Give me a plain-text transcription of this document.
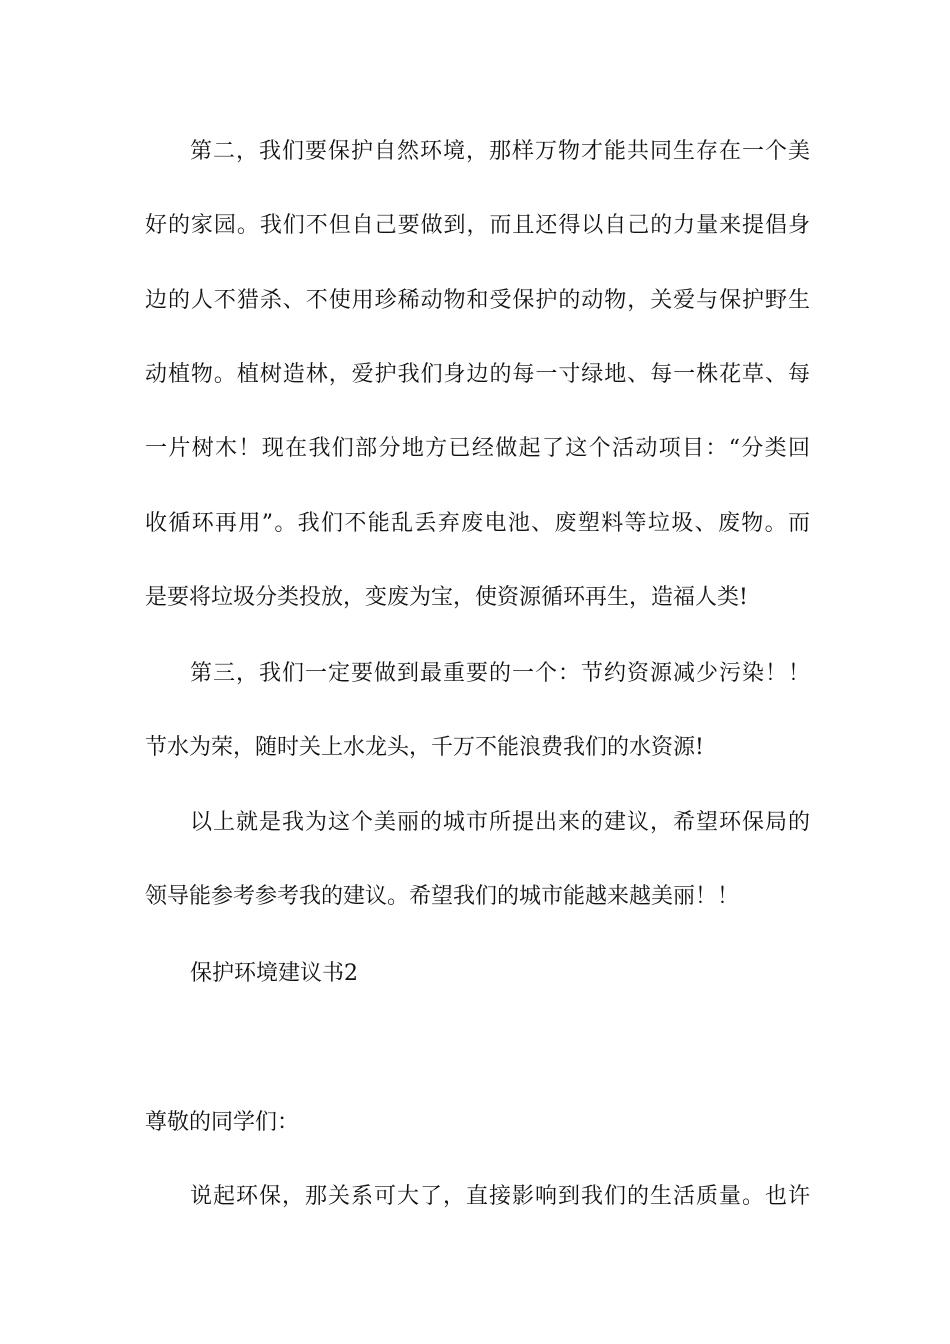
第二，我们要保护自然环境，那样万物才能共同生存在一个美
好的家园。我们不但自己要做到，而且还得以自己的力量来提倡身
边的人不猎杀、不使用珍稀动物和受保护的动物，关爱与保护野生
动植物。植树造林，爱护我们身边的每一寸绿地、每一株花草、每
一片树木！现在我们部分地方已经做起了这个活动项目：“分类回
收循环再用”。我们不能乱丢弃废电池、废塑料等垃圾、废物。而
是要将垃圾分类投放，变废为宝，使资源循环再生，造福人类!
第三，我们一定要做到最重要的一个：节约资源减少污染！！
节水为荣，随时关上水龙头，千万不能浪费我们的水资源!
以上就是我为这个美丽的城市所提出来的建议，希望环保局的
领导能参考参考我的建议。希望我们的城市能越来越美丽！！
保护环境建议书2
尊敬的同学们：
说起环保，那关系可大了，直接影响到我们的生活质量。也许
